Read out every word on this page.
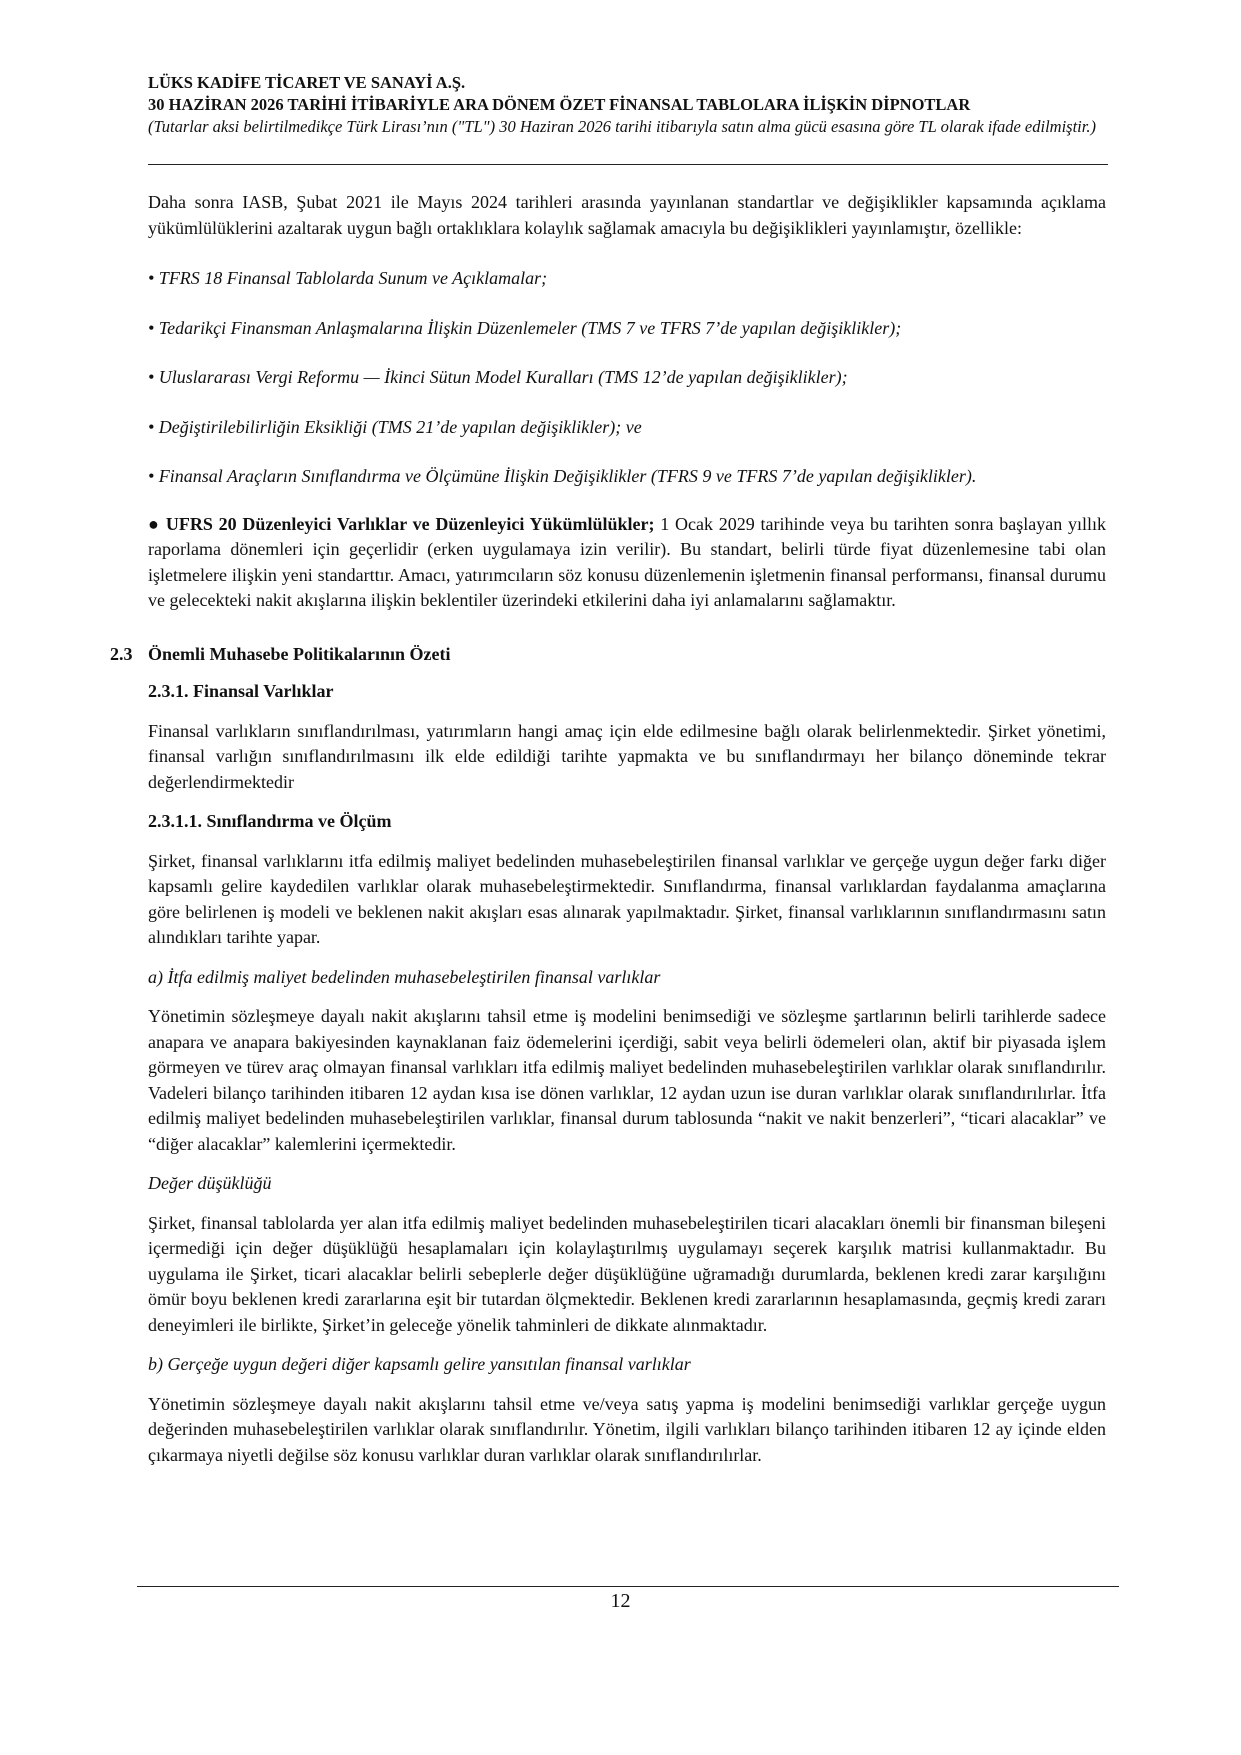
LÜKS KADİFE TİCARET VE SANAYİ A.Ş.
30 HAZİRAN 2026 TARİHİ İTİBARİYLE ARA DÖNEM ÖZET FİNANSAL TABLOLARA İLİŞKİN DİPNOTLAR
(Tutarlar aksi belirtilmedikçe Türk Lirası’nın ("TL") 30 Haziran 2026 tarihi itibarıyla satın alma gücü esasına göre TL olarak ifade edilmiştir.)

Daha sonra IASB, Şubat 2021 ile Mayıs 2024 tarihleri arasında yayınlanan standartlar ve değişiklikler kapsamında açıklama yükümlülüklerini azaltarak uygun bağlı ortaklıklara kolaylık sağlamak amacıyla bu değişiklikleri yayınlamıştır, özellikle:

• TFRS 18 Finansal Tablolarda Sunum ve Açıklamalar;

• Tedarikçi Finansman Anlaşmalarına İlişkin Düzenlemeler (TMS 7 ve TFRS 7’de yapılan değişiklikler);

• Uluslararası Vergi Reformu — İkinci Sütun Model Kuralları (TMS 12’de yapılan değişiklikler);

• Değiştirilebilirliğin Eksikliği (TMS 21’de yapılan değişiklikler); ve

• Finansal Araçların Sınıflandırma ve Ölçümüne İlişkin Değişiklikler (TFRS 9 ve TFRS 7’de yapılan değişiklikler).

● UFRS 20 Düzenleyici Varlıklar ve Düzenleyici Yükümlülükler; 1 Ocak 2029 tarihinde veya bu tarihten sonra başlayan yıllık raporlama dönemleri için geçerlidir (erken uygulamaya izin verilir). Bu standart, belirli türde fiyat düzenlemesine tabi olan işletmelere ilişkin yeni standarttır. Amacı, yatırımcıların söz konusu düzenlemenin işletmenin finansal performansı, finansal durumu ve gelecekteki nakit akışlarına ilişkin beklentiler üzerindeki etkilerini daha iyi anlamalarını sağlamaktır.

2.3 Önemli Muhasebe Politikalarının Özeti

2.3.1. Finansal Varlıklar

Finansal varlıkların sınıflandırılması, yatırımların hangi amaç için elde edilmesine bağlı olarak belirlenmektedir. Şirket yönetimi, finansal varlığın sınıflandırılmasını ilk elde edildiği tarihte yapmakta ve bu sınıflandırmayı her bilanço döneminde tekrar değerlendirmektedir

2.3.1.1. Sınıflandırma ve Ölçüm

Şirket, finansal varlıklarını itfa edilmiş maliyet bedelinden muhasebeleştirilen finansal varlıklar ve gerçeğe uygun değer farkı diğer kapsamlı gelire kaydedilen varlıklar olarak muhasebeleştirmektedir. Sınıflandırma, finansal varlıklardan faydalanma amaçlarına göre belirlenen iş modeli ve beklenen nakit akışları esas alınarak yapılmaktadır. Şirket, finansal varlıklarının sınıflandırmasını satın alındıkları tarihte yapar.

a) İtfa edilmiş maliyet bedelinden muhasebeleştirilen finansal varlıklar

Yönetimin sözleşmeye dayalı nakit akışlarını tahsil etme iş modelini benimsediği ve sözleşme şartlarının belirli tarihlerde sadece anapara ve anapara bakiyesinden kaynaklanan faiz ödemelerini içerdiği, sabit veya belirli ödemeleri olan, aktif bir piyasada işlem görmeyen ve türev araç olmayan finansal varlıkları itfa edilmiş maliyet bedelinden muhasebeleştirilen varlıklar olarak sınıflandırılır. Vadeleri bilanço tarihinden itibaren 12 aydan kısa ise dönen varlıklar, 12 aydan uzun ise duran varlıklar olarak sınıflandırılırlar. İtfa edilmiş maliyet bedelinden muhasebeleştirilen varlıklar, finansal durum tablosunda “nakit ve nakit benzerleri”, “ticari alacaklar” ve “diğer alacaklar” kalemlerini içermektedir.

Değer düşüklüğü

Şirket, finansal tablolarda yer alan itfa edilmiş maliyet bedelinden muhasebeleştirilen ticari alacakları önemli bir finansman bileşeni içermediği için değer düşüklüğü hesaplamaları için kolaylaştırılmış uygulamayı seçerek karşılık matrisi kullanmaktadır. Bu uygulama ile Şirket, ticari alacaklar belirli sebeplerle değer düşüklüğüne uğramadığı durumlarda, beklenen kredi zarar karşılığını ömür boyu beklenen kredi zararlarına eşit bir tutardan ölçmektedir. Beklenen kredi zararlarının hesaplamasında, geçmiş kredi zararı deneyimleri ile birlikte, Şirket’in geleceğe yönelik tahminleri de dikkate alınmaktadır.

b) Gerçeğe uygun değeri diğer kapsamlı gelire yansıtılan finansal varlıklar

Yönetimin sözleşmeye dayalı nakit akışlarını tahsil etme ve/veya satış yapma iş modelini benimsediği varlıklar gerçeğe uygun değerinden muhasebeleştirilen varlıklar olarak sınıflandırılır. Yönetim, ilgili varlıkları bilanço tarihinden itibaren 12 ay içinde elden çıkarmaya niyetli değilse söz konusu varlıklar duran varlıklar olarak sınıflandırılırlar.

12
